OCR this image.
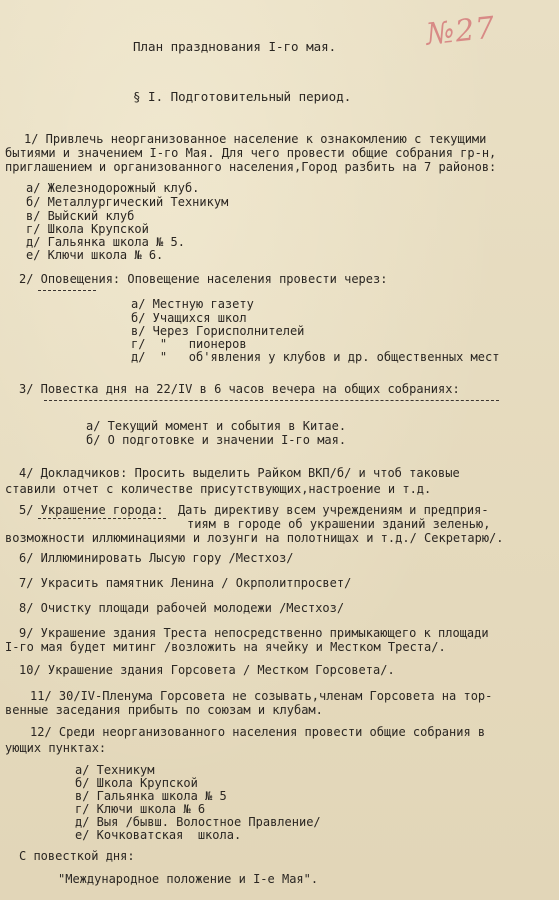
№27
План празднования I-го мая.
§ I. Подготовительный период.
1/ Привлечь неорганизованное население к ознакомлению с текущими
бытиями и значением I-го Мая. Для чего провести общие собрания гр-н,
приглашением и организованного населения,Город разбить на 7 районов:
а/ Железнодорожный клуб.
б/ Металлургический Техникум
в/ Выйский клуб
г/ Школа Крупской
д/ Гальянка школа № 5.
е/ Ключи школа № 6.
2/ Оповещения: Оповещение населения провести через:
а/ Местную газету
б/ Учащихся школ
в/ Через Горисполнителей
г/  "   пионеров
д/  "   об'явления у клубов и др. общественных мест
3/ Повестка дня на 22/IV в 6 часов вечера на общих собраниях:
а/ Текущий момент и события в Китае.
б/ О подготовке и значении I-го мая.
4/ Докладчиков: Просить выделить Райком ВКП/б/ и чтоб таковые
ставили отчет с количестве присутствующих,настроение и т.д.
5/ Украшение города:  Дать директиву всем учреждениям и предприя-
тиям в городе об украшении зданий зеленью,
возможности иллюминациями и лозунги на полотнищах и т.д./ Секретарю/.
6/ Иллюминировать Лысую гору /Местхоз/
7/ Украсить памятник Ленина / Окрполитпросвет/
8/ Очистку площади рабочей молодежи /Местхоз/
9/ Украшение здания Треста непосредственно примыкающего к площади
I-го мая будет митинг /возложить на ячейку и Местком Треста/.
10/ Украшение здания Горсовета / Местком Горсовета/.
11/ 30/IV-Пленума Горсовета не созывать,членам Горсовета на тор-
венные заседания прибыть по союзам и клубам.
12/ Среди неорганизованного населения провести общие собрания в
ующих пунктах:
а/ Техникум
б/ Школа Крупской
в/ Гальянка школа № 5
г/ Ключи школа № 6
д/ Выя /бывш. Волостное Правление/
е/ Кочковатская  школа.
С повесткой дня:
"Международное положение и I-е Мая".
